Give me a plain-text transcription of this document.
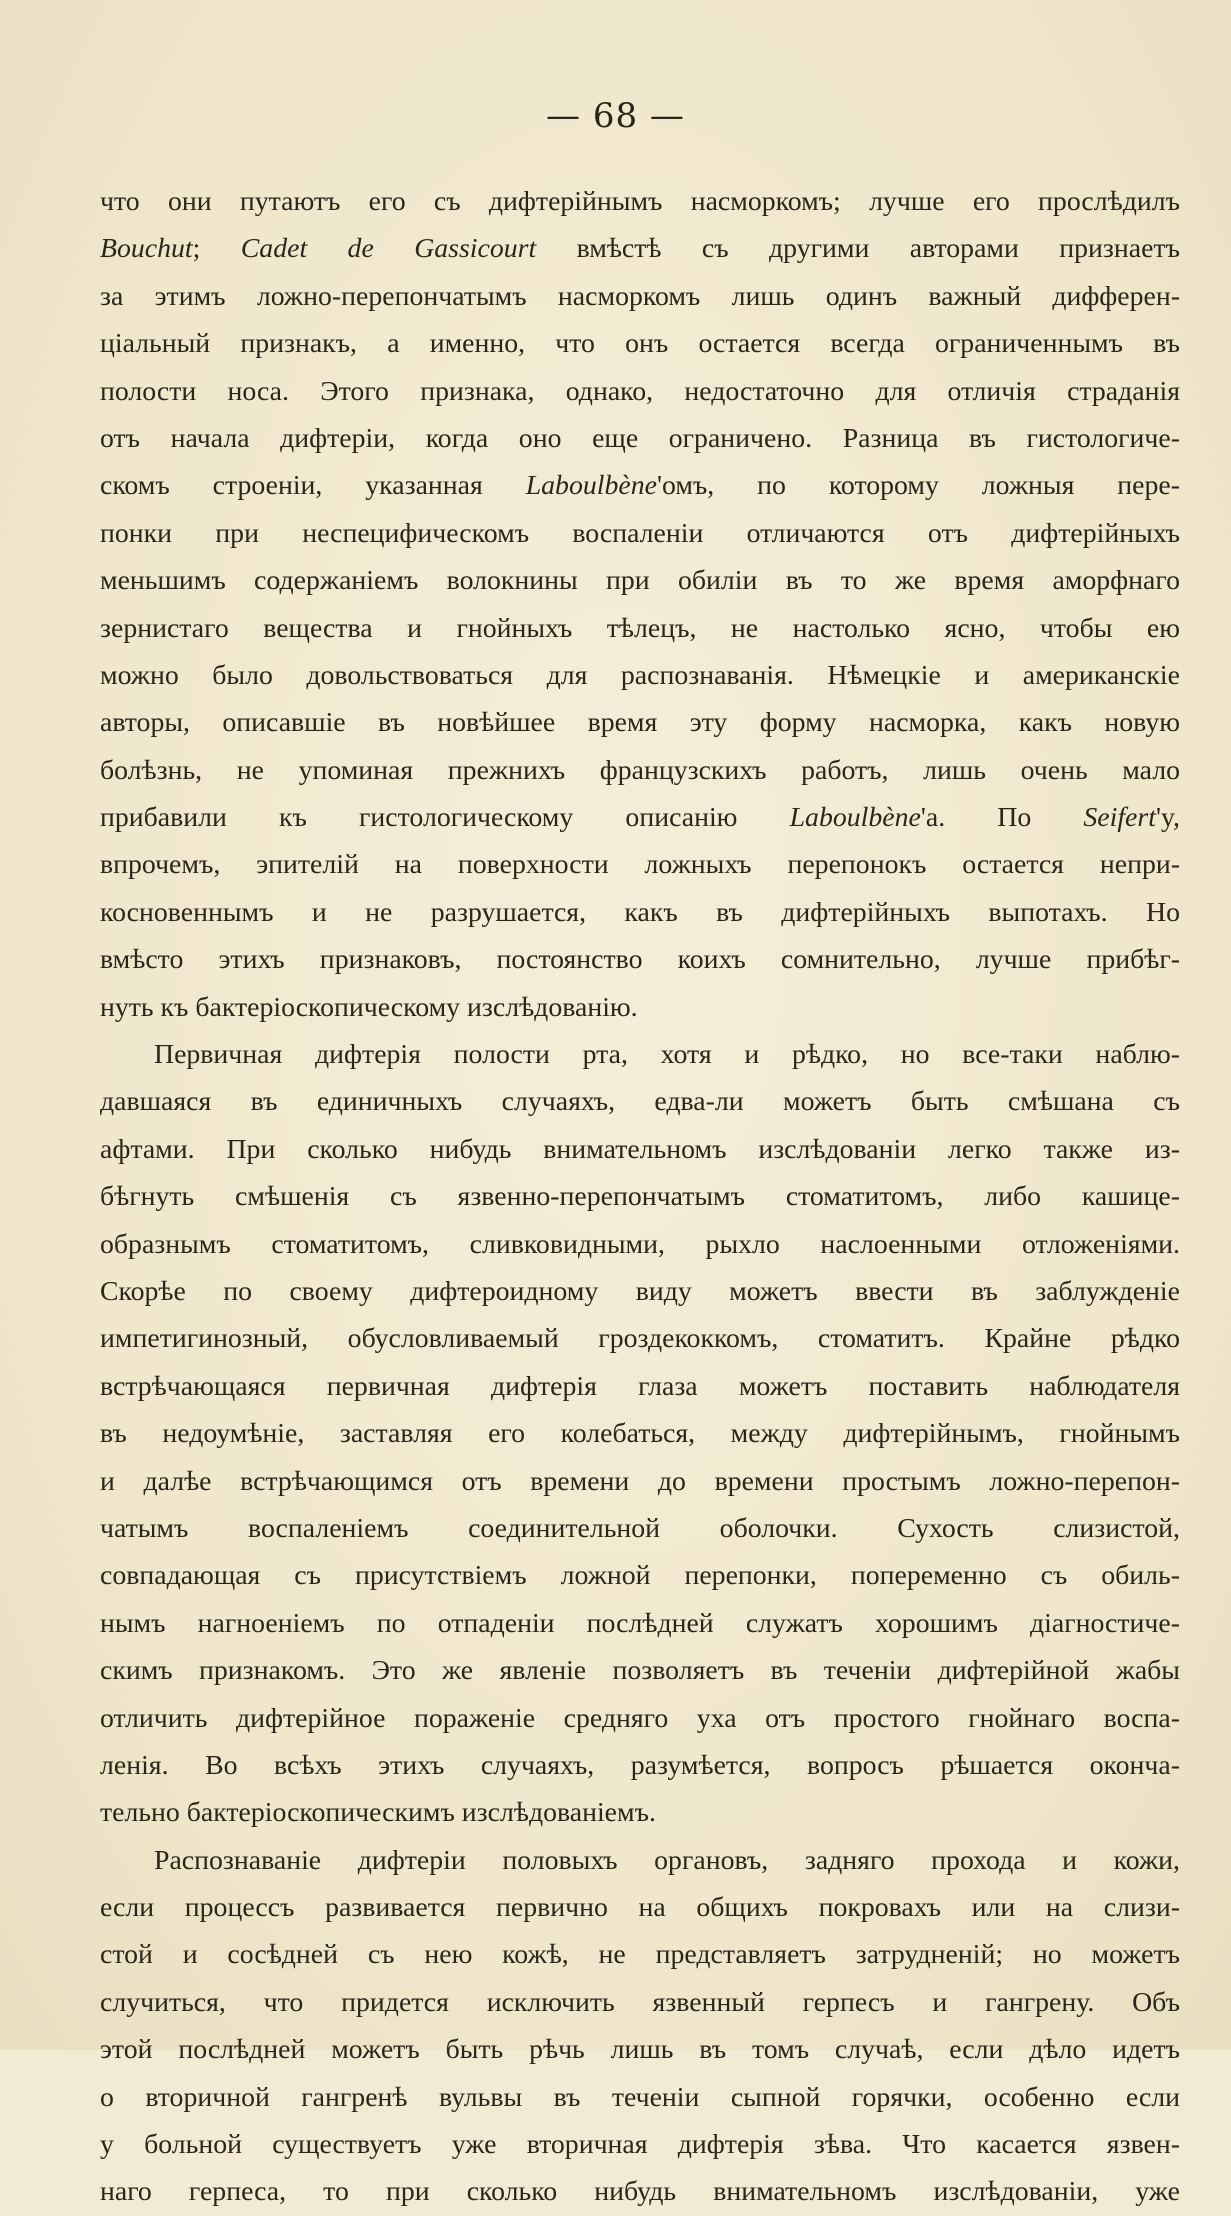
— 68 —
что они путаютъ его съ дифтерійнымъ насморкомъ; лучше его прослѣдилъ
Bouchut; Cadet de Gassicourt вмѣстѣ съ другими авторами признаетъ
за этимъ ложно-перепончатымъ насморкомъ лишь одинъ важный дифферен-
ціальный признакъ, а именно, что онъ остается всегда ограниченнымъ въ
полости носа. Этого признака, однако, недостаточно для отличія страданія
отъ начала дифтеріи, когда оно еще ограничено. Разница въ гистологиче-
скомъ строеніи, указанная Laboulbène'омъ, по которому ложныя пере-
понки при неспецифическомъ воспаленіи отличаются отъ дифтерійныхъ
меньшимъ содержаніемъ волокнины при обиліи въ то же время аморфнаго
зернистаго вещества и гнойныхъ тѣлецъ, не настолько ясно, чтобы ею
можно было довольствоваться для распознаванія. Нѣмецкіе и американскіе
авторы, описавшіе въ новѣйшее время эту форму насморка, какъ новую
болѣзнь, не упоминая прежнихъ французскихъ работъ, лишь очень мало
прибавили къ гистологическому описанію Laboulbène'a. По Seifert'y,
впрочемъ, эпителій на поверхности ложныхъ перепонокъ остается непри-
косновеннымъ и не разрушается, какъ въ дифтерійныхъ выпотахъ. Но
вмѣсто этихъ признаковъ, постоянство коихъ сомнительно, лучше прибѣг-
нуть къ бактеріоскопическому изслѣдованію.
Первичная дифтерія полости рта, хотя и рѣдко, но все-таки наблю-
давшаяся въ единичныхъ случаяхъ, едва-ли можетъ быть смѣшана съ
афтами. При сколько нибудь внимательномъ изслѣдованіи легко также из-
бѣгнуть смѣшенія съ язвенно-перепончатымъ стоматитомъ, либо кашице-
образнымъ стоматитомъ, сливковидными, рыхло наслоенными отложеніями.
Скорѣе по своему дифтероидному виду можетъ ввести въ заблужденіе
импетигинозный, обусловливаемый гроздекоккомъ, стоматитъ. Крайне рѣдко
встрѣчающаяся первичная дифтерія глаза можетъ поставить наблюдателя
въ недоумѣніе, заставляя его колебаться, между дифтерійнымъ, гнойнымъ
и далѣе встрѣчающимся отъ времени до времени простымъ ложно-перепон-
чатымъ воспаленіемъ соединительной оболочки. Сухость слизистой,
совпадающая съ присутствіемъ ложной перепонки, попеременно съ обиль-
нымъ нагноеніемъ по отпаденіи послѣдней служатъ хорошимъ діагностиче-
скимъ признакомъ. Это же явленіе позволяетъ въ теченіи дифтерійной жабы
отличить дифтерійное пораженіе средняго уха отъ простого гнойнаго воспа-
ленія. Во всѣхъ этихъ случаяхъ, разумѣется, вопросъ рѣшается оконча-
тельно бактеріоскопическимъ изслѣдованіемъ.
Распознаваніе дифтеріи половыхъ органовъ, задняго прохода и кожи,
если процессъ развивается первично на общихъ покровахъ или на слизи-
стой и сосѣдней съ нею кожѣ, не представляетъ затрудненій; но можетъ
случиться, что придется исключить язвенный герпесъ и гангрену. Объ
этой послѣдней можетъ быть рѣчь лишь въ томъ случаѣ, если дѣло идетъ
о вторичной гангренѣ вульвы въ теченіи сыпной горячки, особенно если
у больной существуетъ уже вторичная дифтерія зѣва. Что касается язвен-
наго герпеса, то при сколько нибудь внимательномъ изслѣдованіи, уже
